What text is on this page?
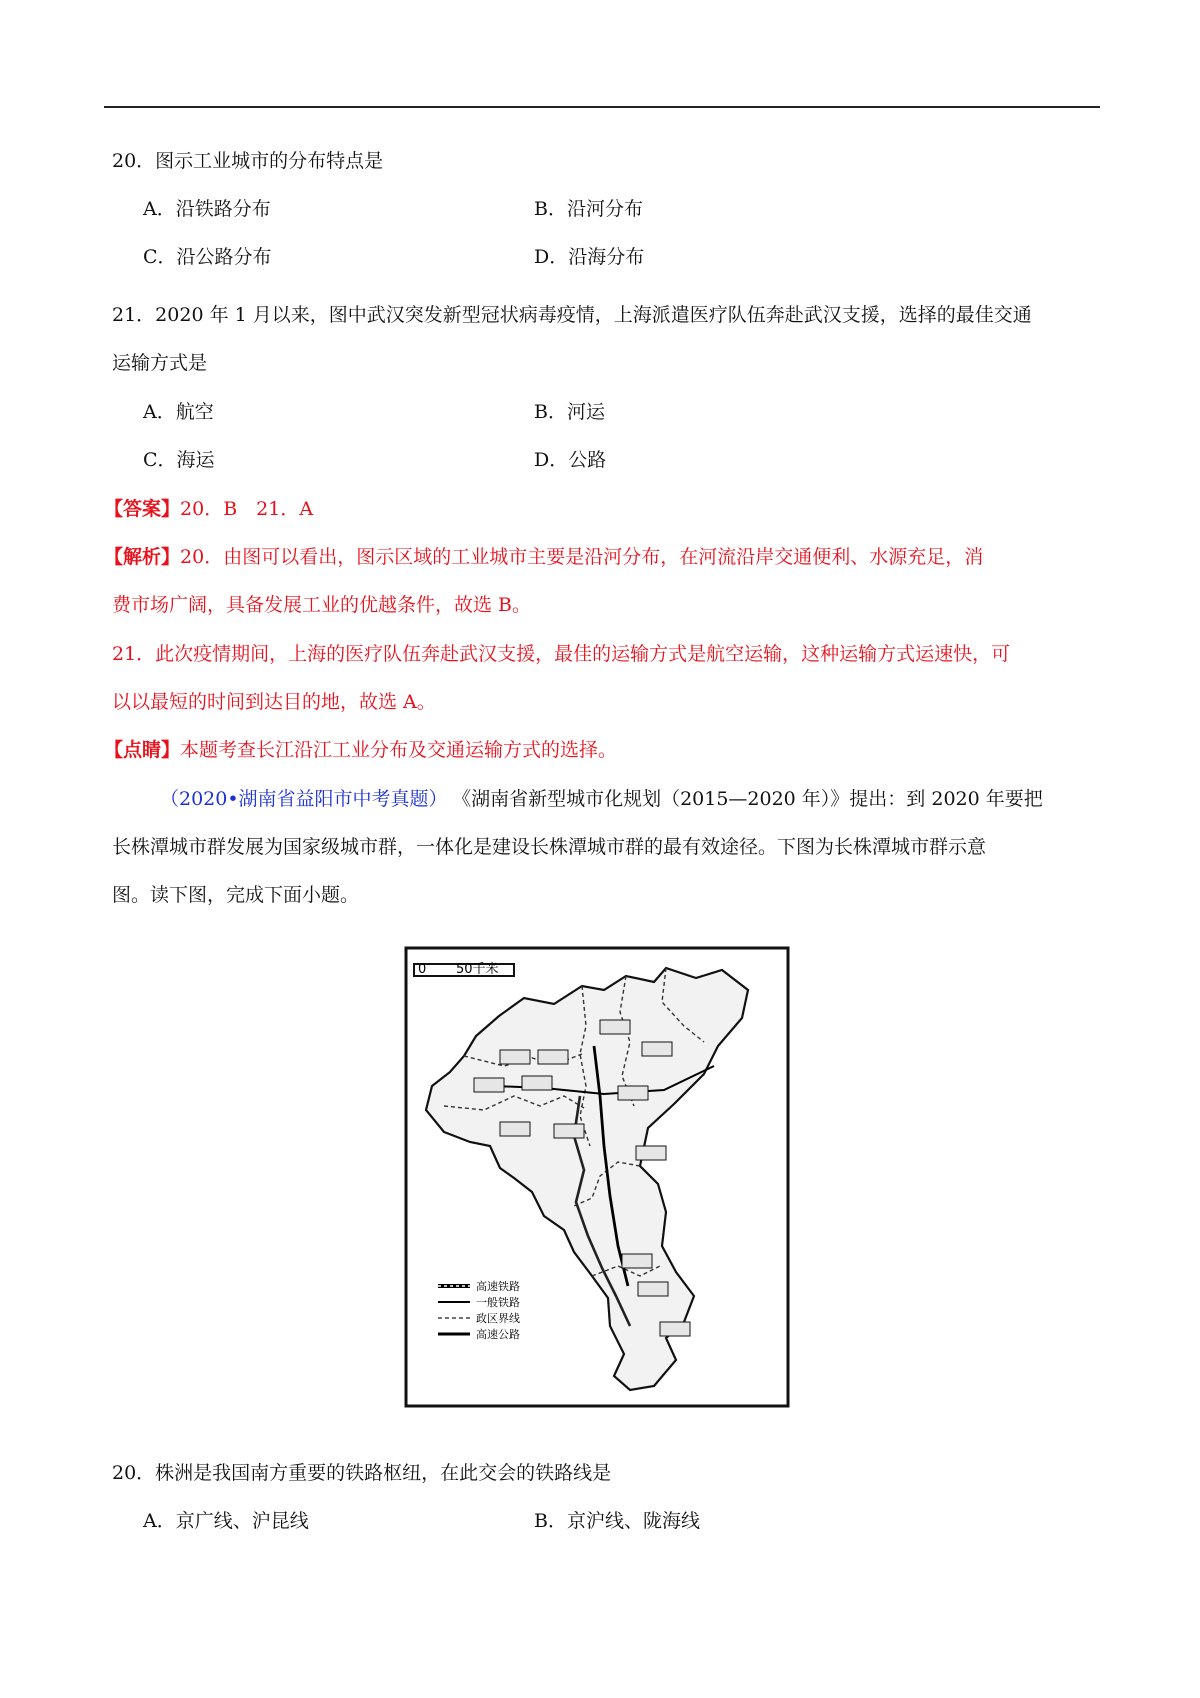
20．图示工业城市的分布特点是
A．沿铁路分布	B．沿河分布
C．沿公路分布	D．沿海分布
21．2020 年 1 月以来，图中武汉突发新型冠状病毒疫情，上海派遣医疗队伍奔赴武汉支援，选择的最佳交通
运输方式是
A．航空	B．河运
C．海运	D．公路
【答案】20．B　21．A
【解析】20．由图可以看出，图示区域的工业城市主要是沿河分布，在河流沿岸交通便利、水源充足，消
费市场广阔，具备发展工业的优越条件，故选 B。
21．此次疫情期间，上海的医疗队伍奔赴武汉支援，最佳的运输方式是航空运输，这种运输方式运速快，可
以以最短的时间到达目的地，故选 A。
【点睛】本题考查长江沿江工业分布及交通运输方式的选择。
（2020•湖南省益阳市中考真题） 《湖南省新型城市化规划（2015—2020 年）》提出：到 2020 年要把
长株潭城市群发展为国家级城市群，一体化是建设长株潭城市群的最有效途径。下图为长株潭城市群示意
图。读下图，完成下面小题。
0 50千米
高速铁路
一般铁路
政区界线
高速公路
20．株洲是我国南方重要的铁路枢纽，在此交会的铁路线是
A．京广线、沪昆线	B．京沪线、陇海线
